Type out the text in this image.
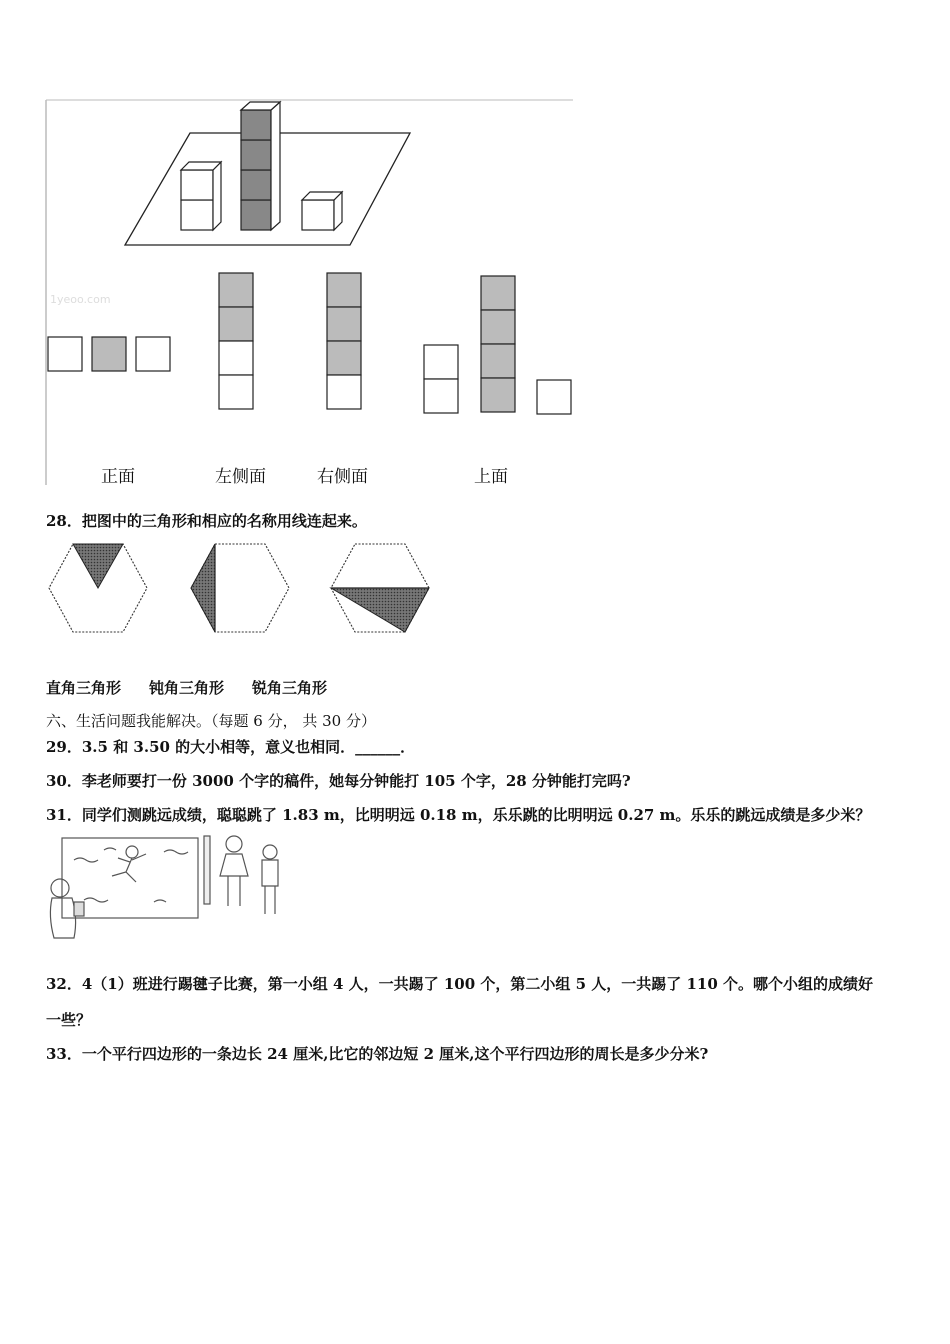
1yeoo.com
正面	左侧面	右侧面	上面
28．把图中的三角形和相应的名称用线连起来。
直角三角形 钝角三角形 锐角三角形
六、生活问题我能解决。（每题 6 分， 共 30 分）
29．3.5 和 3.50 的大小相等，意义也相同．______．
30．李老师要打一份 3000 个字的稿件，她每分钟能打 105 个字，28 分钟能打完吗?
31．同学们测跳远成绩，聪聪跳了 1.83 m，比明明远 0.18 m，乐乐跳的比明明远 0.27 m。乐乐的跳远成绩是多少米？
32．4（1）班进行踢毽子比赛，第一小组 4 人，一共踢了 100 个，第二小组 5 人，一共踢了 110 个。哪个小组的成绩好
一些？
33．一个平行四边形的一条边长 24 厘米,比它的邻边短 2 厘米,这个平行四边形的周长是多少分米?
